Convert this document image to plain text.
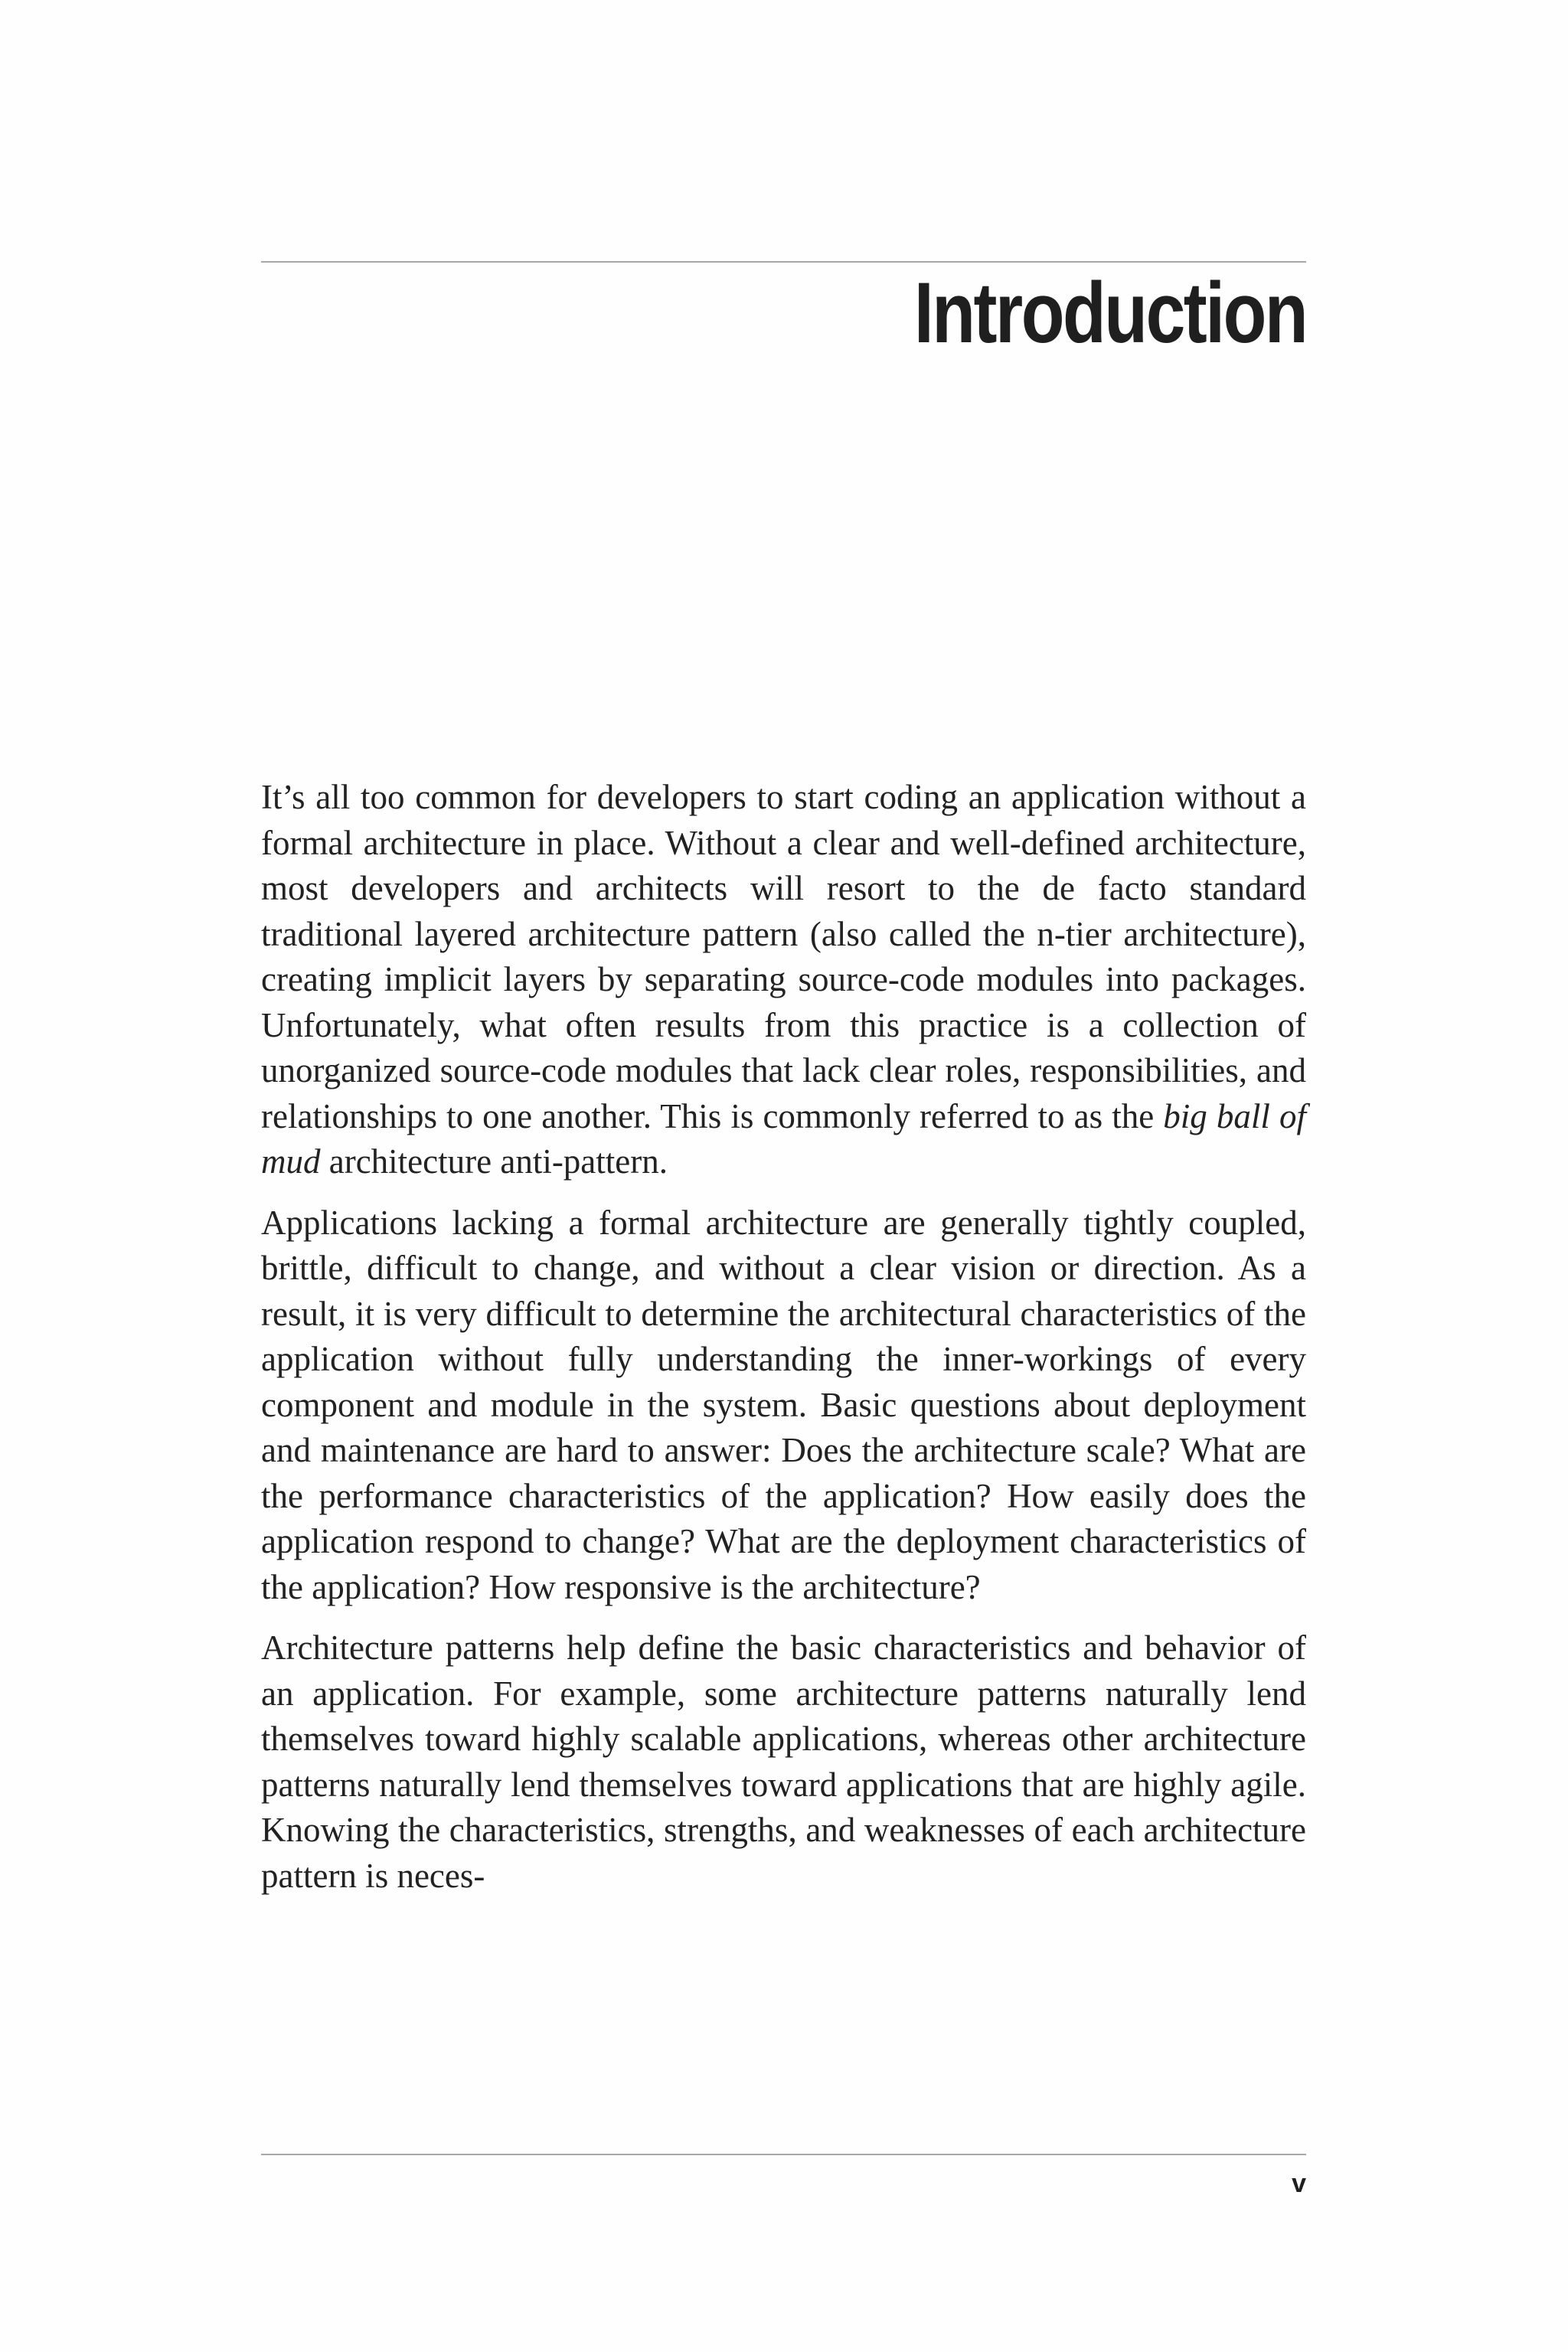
Introduction

It’s all too common for developers to start coding an application without a formal architecture in place. Without a clear and well-defined architecture, most developers and architects will resort to the de facto standard traditional layered architecture pattern (also called the n-tier architecture), creating implicit layers by separating source-code modules into packages. Unfortunately, what often results from this practice is a collection of unorganized source-code modules that lack clear roles, responsibilities, and relationships to one another. This is commonly referred to as the big ball of mud architecture anti-pattern.

Applications lacking a formal architecture are generally tightly coupled, brittle, difficult to change, and without a clear vision or direction. As a result, it is very difficult to determine the architectural characteristics of the application without fully understanding the inner-workings of every component and module in the system. Basic questions about deployment and maintenance are hard to answer: Does the architecture scale? What are the performance characteristics of the application? How easily does the application respond to change? What are the deployment characteristics of the application? How responsive is the architecture?

Architecture patterns help define the basic characteristics and behavior of an application. For example, some architecture patterns naturally lend themselves toward highly scalable applications, whereas other architecture patterns naturally lend themselves toward applications that are highly agile. Knowing the characteristics, strengths, and weaknesses of each architecture pattern is neces-

v
